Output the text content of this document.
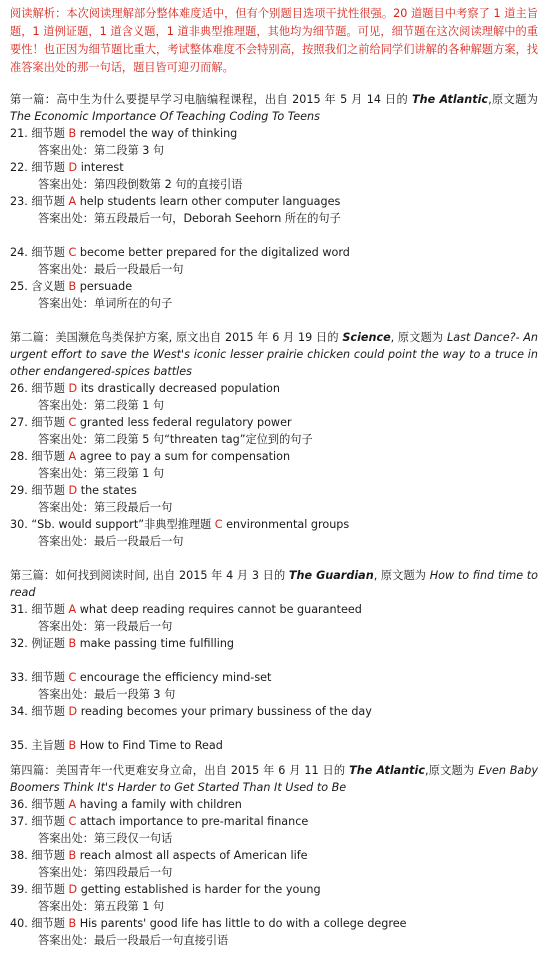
阅读解析：本次阅读理解部分整体难度适中，但有个别题目选项干扰性很强。20 道题目中考察了 1 道主旨题，1 道例证题，1 道含义题，1 道非典型推理题，其他均为细节题。可见，细节题在这次阅读理解中的重要性！也正因为细节题比重大，考试整体难度不会特别高，按照我们之前给同学们讲解的各种解题方案，找准答案出处的那一句话，题目皆可迎刃而解。

第一篇：高中生为什么要提早学习电脑编程课程，出自 2015 年 5 月 14 日的 The Atlantic,原文题为 The Economic Importance Of Teaching Coding To Teens

21. 细节题 B remodel the way of thinking
答案出处：第二段第 3 句
22. 细节题 D interest
答案出处：第四段倒数第 2 句的直接引语
23. 细节题 A help students learn other computer languages
答案出处：第五段最后一句，Deborah Seehorn 所在的句子
24. 细节题 C become better prepared for the digitalized word
答案出处：最后一段最后一句
25. 含义题 B persuade
答案出处：单词所在的句子

第二篇：美国濒危鸟类保护方案, 原文出自 2015 年 6 月 19 日的 Science, 原文题为 Last Dance?- An urgent effort to save the West's iconic lesser prairie chicken could point the way to a truce in other endangered-spices battles

26. 细节题 D its drastically decreased population
答案出处：第二段第 1 句
27. 细节题 C granted less federal regulatory power
答案出处：第二段第 5 句“threaten tag”定位到的句子
28. 细节题 A agree to pay a sum for compensation
答案出处：第三段第 1 句
29. 细节题 D the states
答案出处：第三段最后一句
30. “Sb. would support”非典型推理题 C environmental groups
答案出处：最后一段最后一句

第三篇：如何找到阅读时间, 出自 2015 年 4 月 3 日的 The Guardian, 原文题为 How to find time to read

31. 细节题 A what deep reading requires cannot be guaranteed
答案出处：第一段最后一句
32. 例证题 B make passing time fulfilling
33. 细节题 C encourage the efficiency mind-set
答案出处：最后一段第 3 句
34. 细节题 D reading becomes your primary bussiness of the day
35. 主旨题 B How to Find Time to Read

第四篇：美国青年一代更难安身立命，出自 2015 年 6 月 11 日的 The Atlantic,原文题为 Even Baby Boomers Think It's Harder to Get Started Than It Used to Be

36. 细节题 A having a family with children
37. 细节题 C attach importance to pre-marital finance
答案出处：第三段仅一句话
38. 细节题 B reach almost all aspects of American life
答案出处：第四段最后一句
39. 细节题 D getting established is harder for the young
答案出处：第五段第 1 句
40. 细节题 B His parents' good life has little to do with a college degree
答案出处：最后一段最后一句直接引语
